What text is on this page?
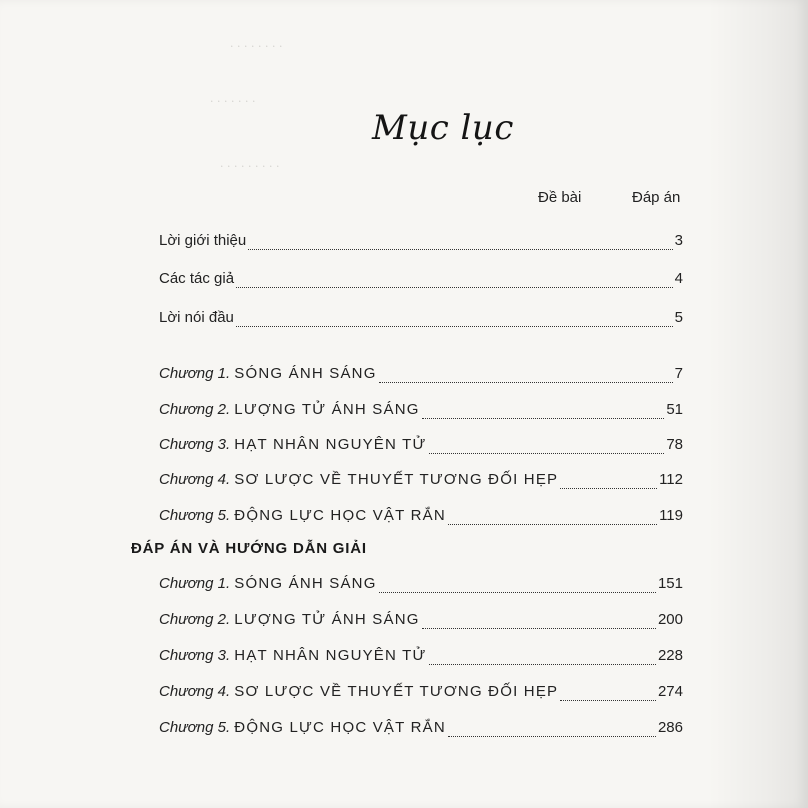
· · · · · · · ·
· · · · · · ·
· · · · · · · · ·
Mục lục
Đề bài	Đáp án
Lời giới thiệu	3
Các tác giả	4
Lời nói đầu	5
Chương 1. SÓNG ÁNH SÁNG	7
Chương 2. LƯỢNG TỬ ÁNH SÁNG	51
Chương 3. HẠT NHÂN NGUYÊN TỬ	78
Chương 4. SƠ LƯỢC VỀ THUYẾT TƯƠNG ĐỐI HẸP	112
Chương 5. ĐỘNG LỰC HỌC VẬT RẮN	119
ĐÁP ÁN VÀ HƯỚNG DẪN GIẢI
Chương 1. SÓNG ÁNH SÁNG	151
Chương 2. LƯỢNG TỬ ÁNH SÁNG	200
Chương 3. HẠT NHÂN NGUYÊN TỬ	228
Chương 4. SƠ LƯỢC VỀ THUYẾT TƯƠNG ĐỐI HẸP	274
Chương 5. ĐỘNG LỰC HỌC VẬT RẮN	286
